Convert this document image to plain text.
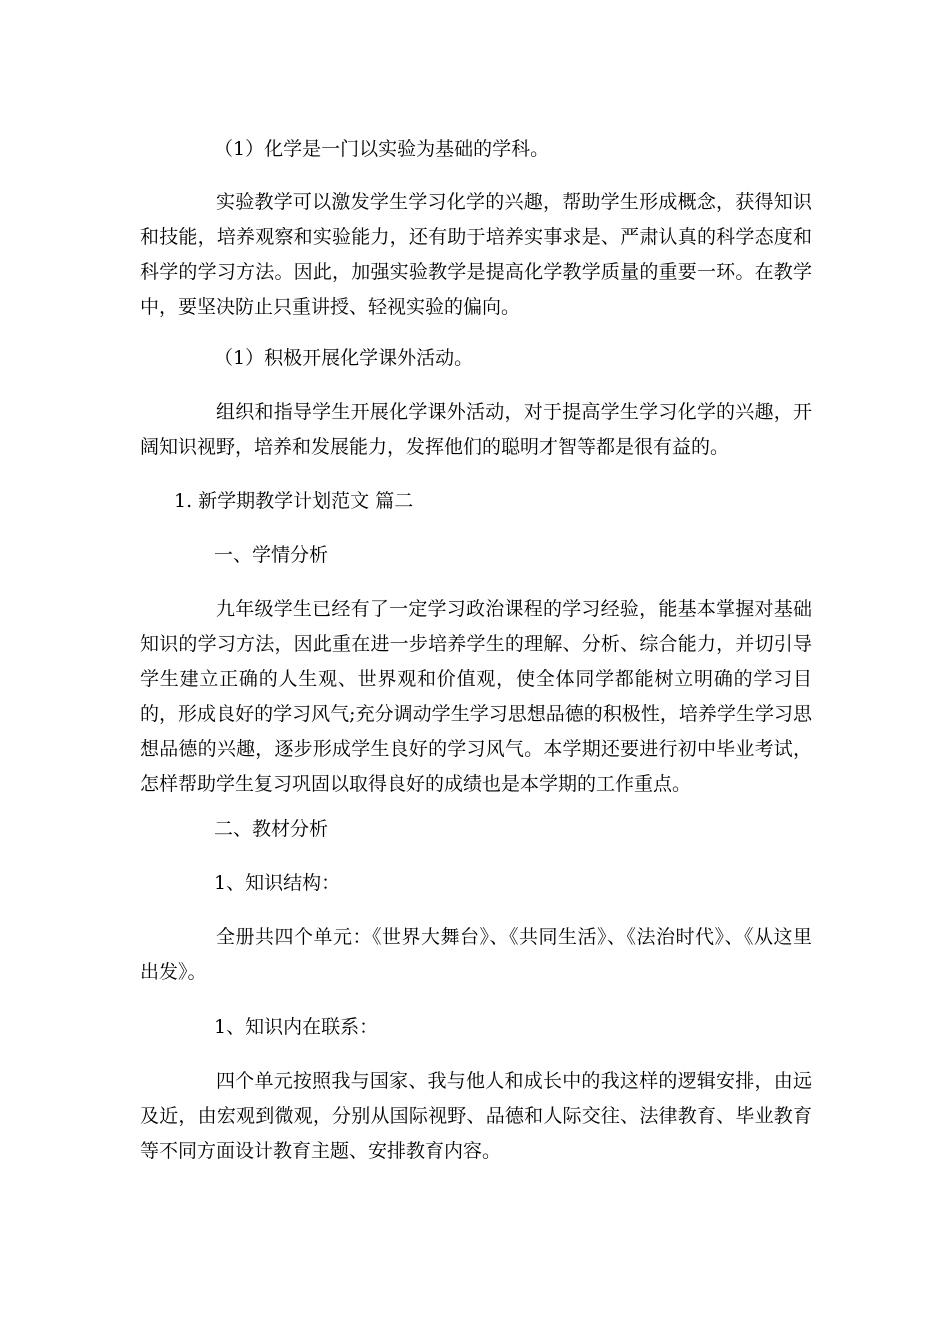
（1）化学是一门以实验为基础的学科。

实验教学可以激发学生学习化学的兴趣，帮助学生形成概念，获得知识和技能，培养观察和实验能力，还有助于培养实事求是、严肃认真的科学态度和科学的学习方法。因此，加强实验教学是提高化学教学质量的重要一环。在教学中，要坚决防止只重讲授、轻视实验的偏向。

（1）积极开展化学课外活动。

组织和指导学生开展化学课外活动，对于提高学生学习化学的兴趣，开阔知识视野，培养和发展能力，发挥他们的聪明才智等都是很有益的。

1. 新学期教学计划范文 篇二

一、学情分析

九年级学生已经有了一定学习政治课程的学习经验，能基本掌握对基础知识的学习方法，因此重在进一步培养学生的理解、分析、综合能力，并切引导学生建立正确的人生观、世界观和价值观，使全体同学都能树立明确的学习目的，形成良好的学习风气;充分调动学生学习思想品德的积极性，培养学生学习思想品德的兴趣，逐步形成学生良好的学习风气。本学期还要进行初中毕业考试，怎样帮助学生复习巩固以取得良好的成绩也是本学期的工作重点。

二、教材分析

1、知识结构：

全册共四个单元：《世界大舞台》、《共同生活》、《法治时代》、《从这里出发》。

1、知识内在联系：

四个单元按照我与国家、我与他人和成长中的我这样的逻辑安排，由远及近，由宏观到微观，分别从国际视野、品德和人际交往、法律教育、毕业教育等不同方面设计教育主题、安排教育内容。
